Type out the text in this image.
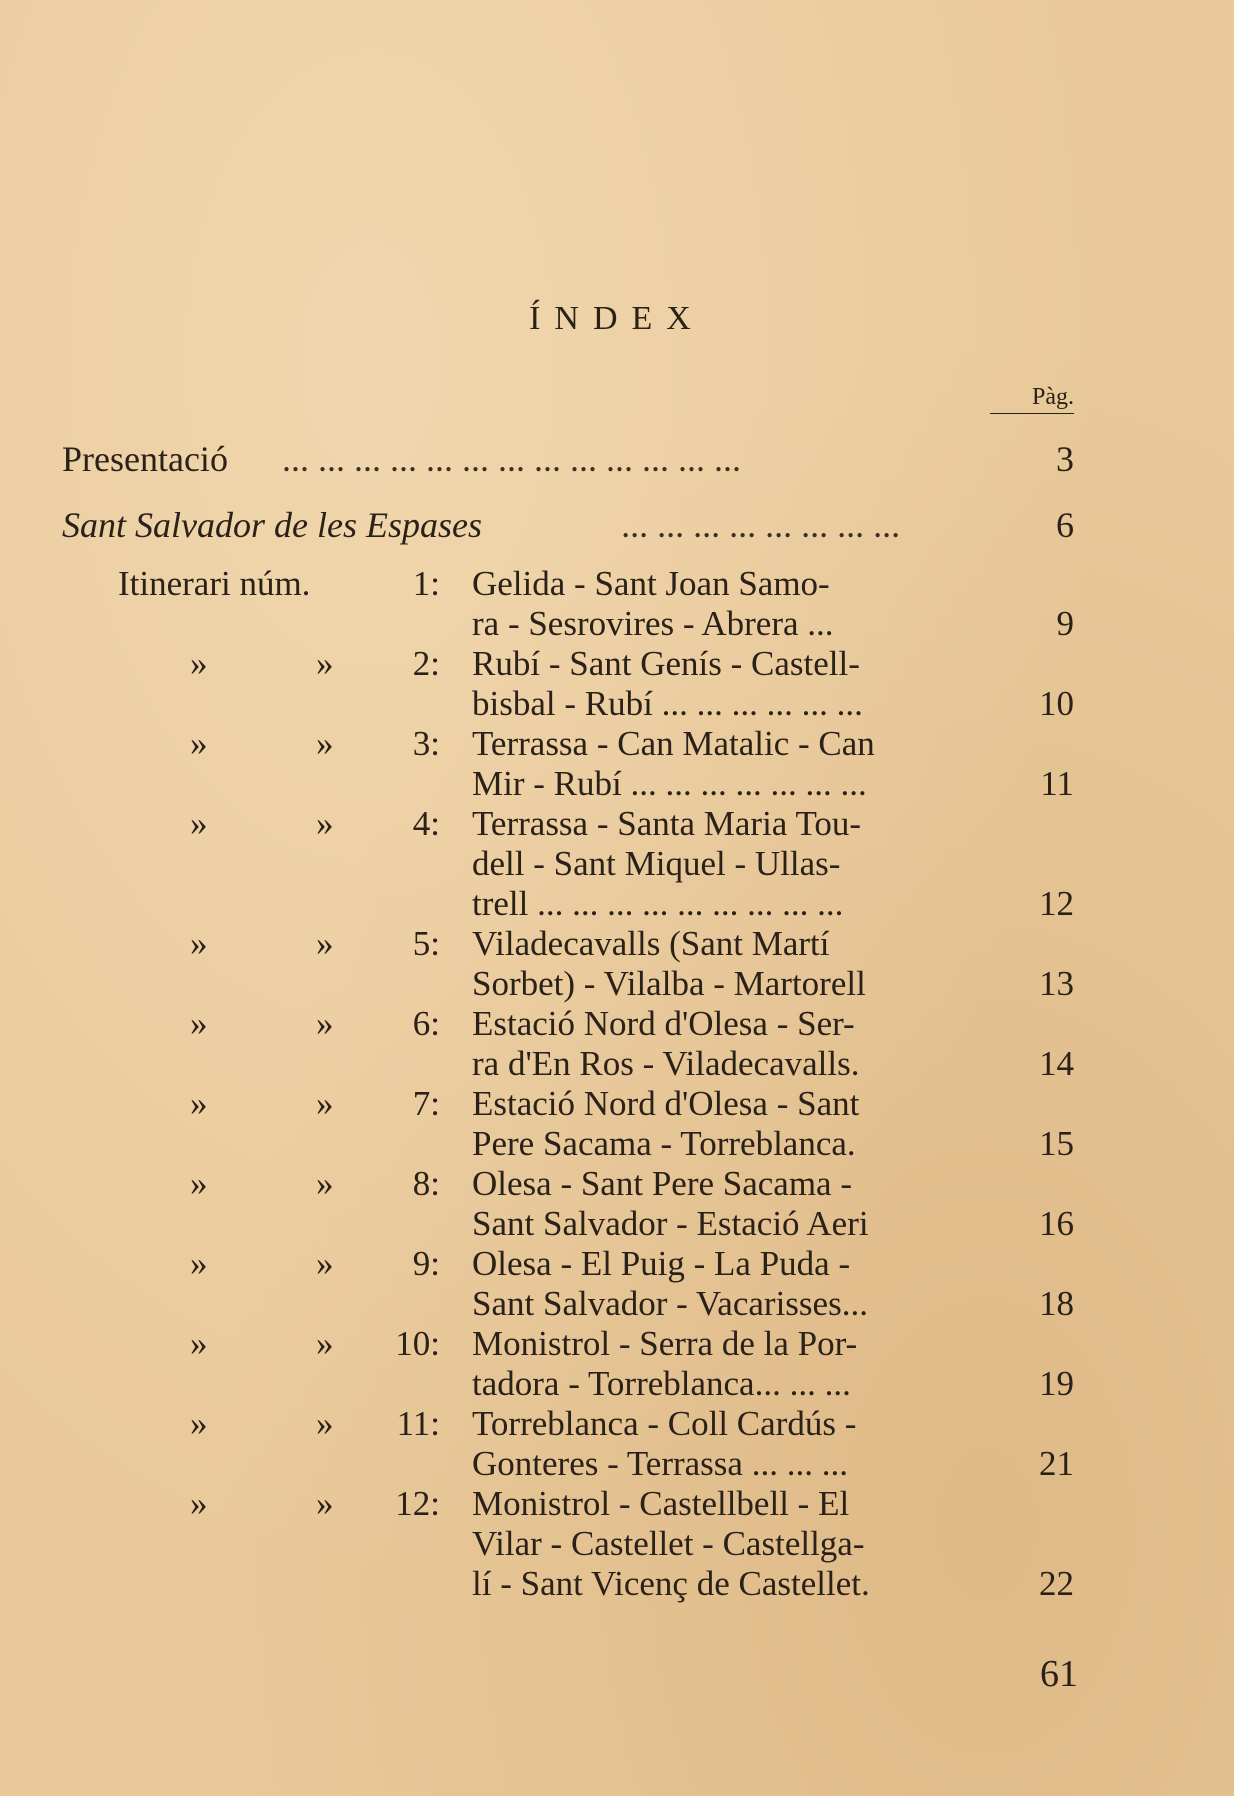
ÍNDEX
Pàg.
Presentació ... ... ... ... ... ... ... ... ... ... ... ... ...	3
Sant Salvador de les Espases	... ... ... ... ... ... ... ...	6
Itinerari núm.	1: Gelida - Sant Joan Samo-
ra - Sesrovires - Abrera ...	9
»	»	2: Rubí - Sant Genís - Castell-
bisbal - Rubí ... ... ... ... ... ...	10
»	»	3: Terrassa - Can Matalic - Can
Mir - Rubí ... ... ... ... ... ... ...	11
»	»	4: Terrassa - Santa Maria Tou-
dell - Sant Miquel - Ullas-
trell ... ... ... ... ... ... ... ... ...	12
»	»	5: Viladecavalls (Sant Martí
Sorbet) - Vilalba - Martorell	13
»	»	6: Estació Nord d'Olesa - Ser-
ra d'En Ros - Viladecavalls.	14
»	»	7: Estació Nord d'Olesa - Sant
Pere Sacama - Torreblanca.	15
»	»	8: Olesa - Sant Pere Sacama -
Sant Salvador - Estació Aeri	16
»	»	9: Olesa - El Puig - La Puda -
Sant Salvador - Vacarisses...	18
»	»	10: Monistrol - Serra de la Por-
tadora - Torreblanca... ... ...	19
»	»	11: Torreblanca - Coll Cardús -
Gonteres - Terrassa ... ... ...	21
»	»	12: Monistrol - Castellbell - El
Vilar - Castellet - Castellga-
lí - Sant Vicenç de Castellet.	22
61
